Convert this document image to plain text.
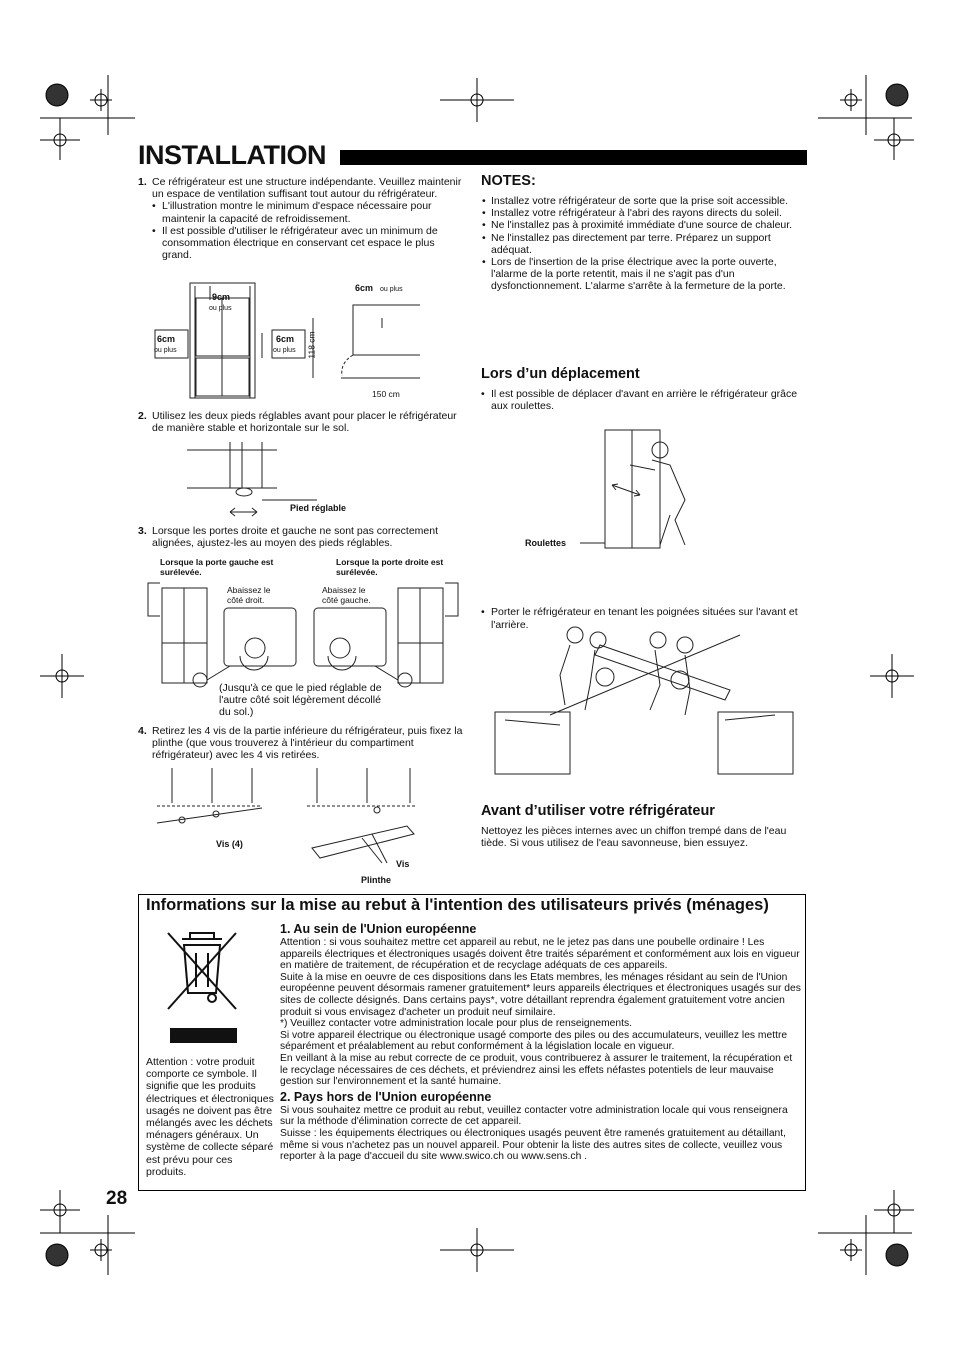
INSTALLATION
1. Ce réfrigérateur est une structure indépendante. Veuillez maintenir un espace de ventilation suffisant tout autour du réfrigérateur.
• L'illustration montre le minimum d'espace nécessaire pour maintenir la capacité de refroidissement.
• Il est possible d'utiliser le réfrigérateur avec un minimum de consommation électrique en conservant cet espace le plus grand.
9cm
ou plus
6cm
ou plus
6cm
ou plus
6cm ou plus
118 cm
150 cm
2. Utilisez les deux pieds réglables avant pour placer le réfrigérateur de manière stable et horizontale sur le sol.
Pied réglable
3. Lorsque les portes droite et gauche ne sont pas correctement alignées, ajustez-les au moyen des pieds réglables.
Lorsque la porte gauche est surélevée.
Lorsque la porte droite est surélevée.
Abaissez le côté droit.
Abaissez le côté gauche.
(Jusqu'à ce que le pied réglable de l'autre côté soit légèrement décollé du sol.)
4. Retirez les 4 vis de la partie inférieure du réfrigérateur, puis fixez la plinthe (que vous trouverez à l'intérieur du compartiment réfrigérateur) avec les 4 vis retirées.
Vis (4)
Vis
Plinthe
NOTES:
• Installez votre réfrigérateur de sorte que la prise soit accessible.
• Installez votre réfrigérateur à l'abri des rayons directs du soleil.
• Ne l'installez pas à proximité immédiate d'une source de chaleur.
• Ne l'installez pas directement par terre. Préparez un support adéquat.
• Lors de l'insertion de la prise électrique avec la porte ouverte, l'alarme de la porte retentit, mais il ne s'agit pas d'un dysfonctionnement. L'alarme s'arrête à la fermeture de la porte.
Lors d’un déplacement
• Il est possible de déplacer d'avant en arrière le réfrigérateur grâce aux roulettes.
Roulettes
• Porter le réfrigérateur en tenant les poignées situées sur l'avant et l'arrière.
Avant d’utiliser votre réfrigérateur
Nettoyez les pièces internes avec un chiffon trempé dans de l'eau tiède. Si vous utilisez de l'eau savonneuse, bien essuyez.
Informations sur la mise au rebut à l'intention des utilisateurs privés (ménages)
Attention : votre produit comporte ce symbole. Il signifie que les produits électriques et électroniques usagés ne doivent pas être mélangés avec les déchets ménagers généraux. Un système de collecte séparé est prévu pour ces produits.
1. Au sein de l'Union européenne
Attention : si vous souhaitez mettre cet appareil au rebut, ne le jetez pas dans une poubelle ordinaire ! Les appareils électriques et électroniques usagés doivent être traités séparément et conformément aux lois en vigueur en matière de traitement, de récupération et de recyclage adéquats de ces appareils.
Suite à la mise en oeuvre de ces dispositions dans les Etats membres, les ménages résidant au sein de l'Union européenne peuvent désormais ramener gratuitement* leurs appareils électriques et électroniques usagés sur des sites de collecte désignés. Dans certains pays*, votre détaillant reprendra également gratuitement votre ancien produit si vous envisagez d'acheter un produit neuf similaire.
*) Veuillez contacter votre administration locale pour plus de renseignements.
Si votre appareil électrique ou électronique usagé comporte des piles ou des accumulateurs, veuillez les mettre séparément et préalablement au rebut conformément à la législation locale en vigueur.
En veillant à la mise au rebut correcte de ce produit, vous contribuerez à assurer le traitement, la récupération et le recyclage nécessaires de ces déchets, et préviendrez ainsi les effets néfastes potentiels de leur mauvaise gestion sur l'environnement et la santé humaine.
2. Pays hors de l'Union européenne
Si vous souhaitez mettre ce produit au rebut, veuillez contacter votre administration locale qui vous renseignera sur la méthode d'élimination correcte de cet appareil.
Suisse : les équipements électriques ou électroniques usagés peuvent être ramenés gratuitement au détaillant, même si vous n'achetez pas un nouvel appareil. Pour obtenir la liste des autres sites de collecte, veuillez vous reporter à la page d'accueil du site www.swico.ch ou www.sens.ch .
28
